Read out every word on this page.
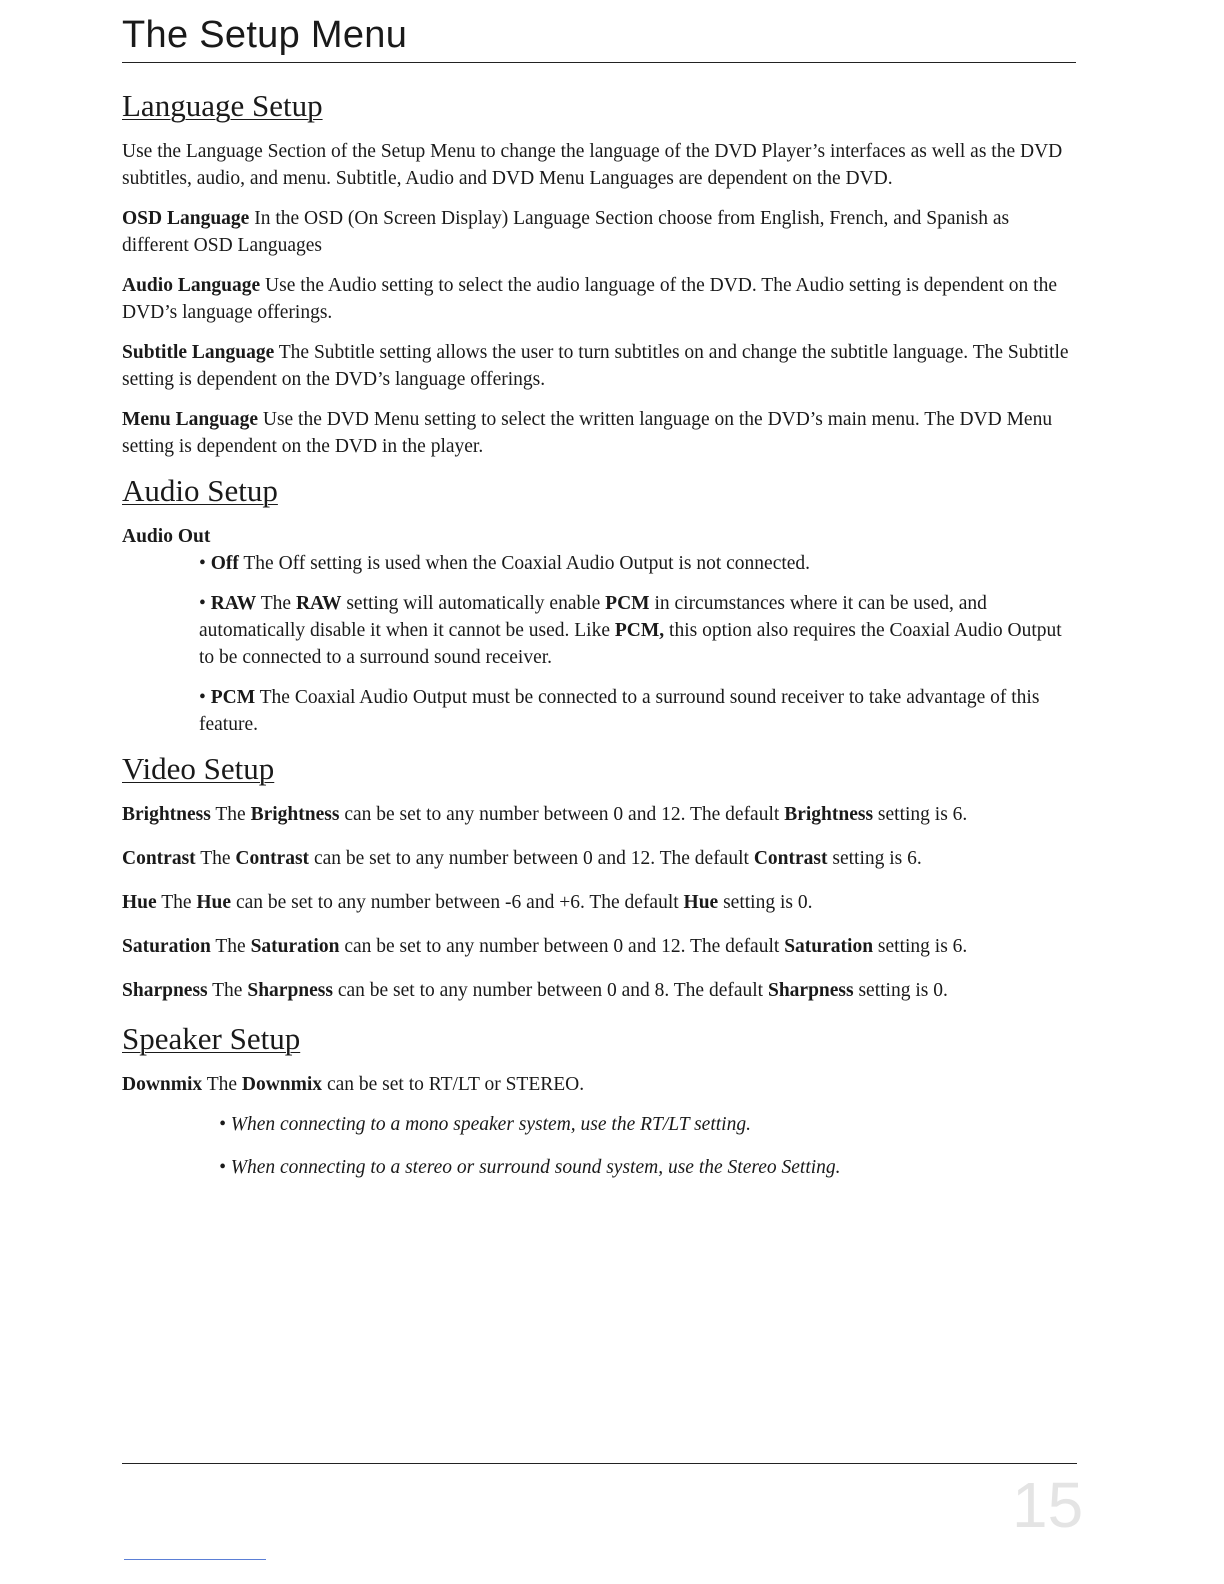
The Setup Menu
Language Setup

Use the Language Section of the Setup Menu to change the language of the DVD Player’s interfaces as well as the DVD subtitles, audio, and menu. Subtitle, Audio and DVD Menu Languages are dependent on the DVD.

OSD Language In the OSD (On Screen Display) Language Section choose from English, French, and Spanish as different OSD Languages

Audio Language Use the Audio setting to select the audio language of the DVD. The Audio setting is dependent on the DVD’s language offerings.

Subtitle Language The Subtitle setting allows the user to turn subtitles on and change the subtitle language. The Subtitle setting is dependent on the DVD’s language offerings.

Menu Language Use the DVD Menu setting to select the written language on the DVD’s main menu. The DVD Menu setting is dependent on the DVD in the player.

Audio Setup

Audio Out

• Off The Off setting is used when the Coaxial Audio Output is not connected.

• RAW The RAW setting will automatically enable PCM in circumstances where it can be used, and automatically disable it when it cannot be used. Like PCM, this option also requires the Coaxial Audio Output to be connected to a surround sound receiver.

• PCM The Coaxial Audio Output must be connected to a surround sound receiver to take advantage of this feature.

Video Setup

Brightness The Brightness can be set to any number between 0 and 12. The default Brightness setting is 6.

Contrast The Contrast can be set to any number between 0 and 12. The default Contrast setting is 6.

Hue The Hue can be set to any number between -6 and +6. The default Hue setting is 0.

Saturation The Saturation can be set to any number between 0 and 12. The default Saturation setting is 6.

Sharpness The Sharpness can be set to any number between 0 and 8. The default Sharpness setting is 0.

Speaker Setup

Downmix The Downmix can be set to RT/LT or STEREO.

• When connecting to a mono speaker system, use the RT/LT setting.

• When connecting to a stereo or surround sound system, use the Stereo Setting.

15
